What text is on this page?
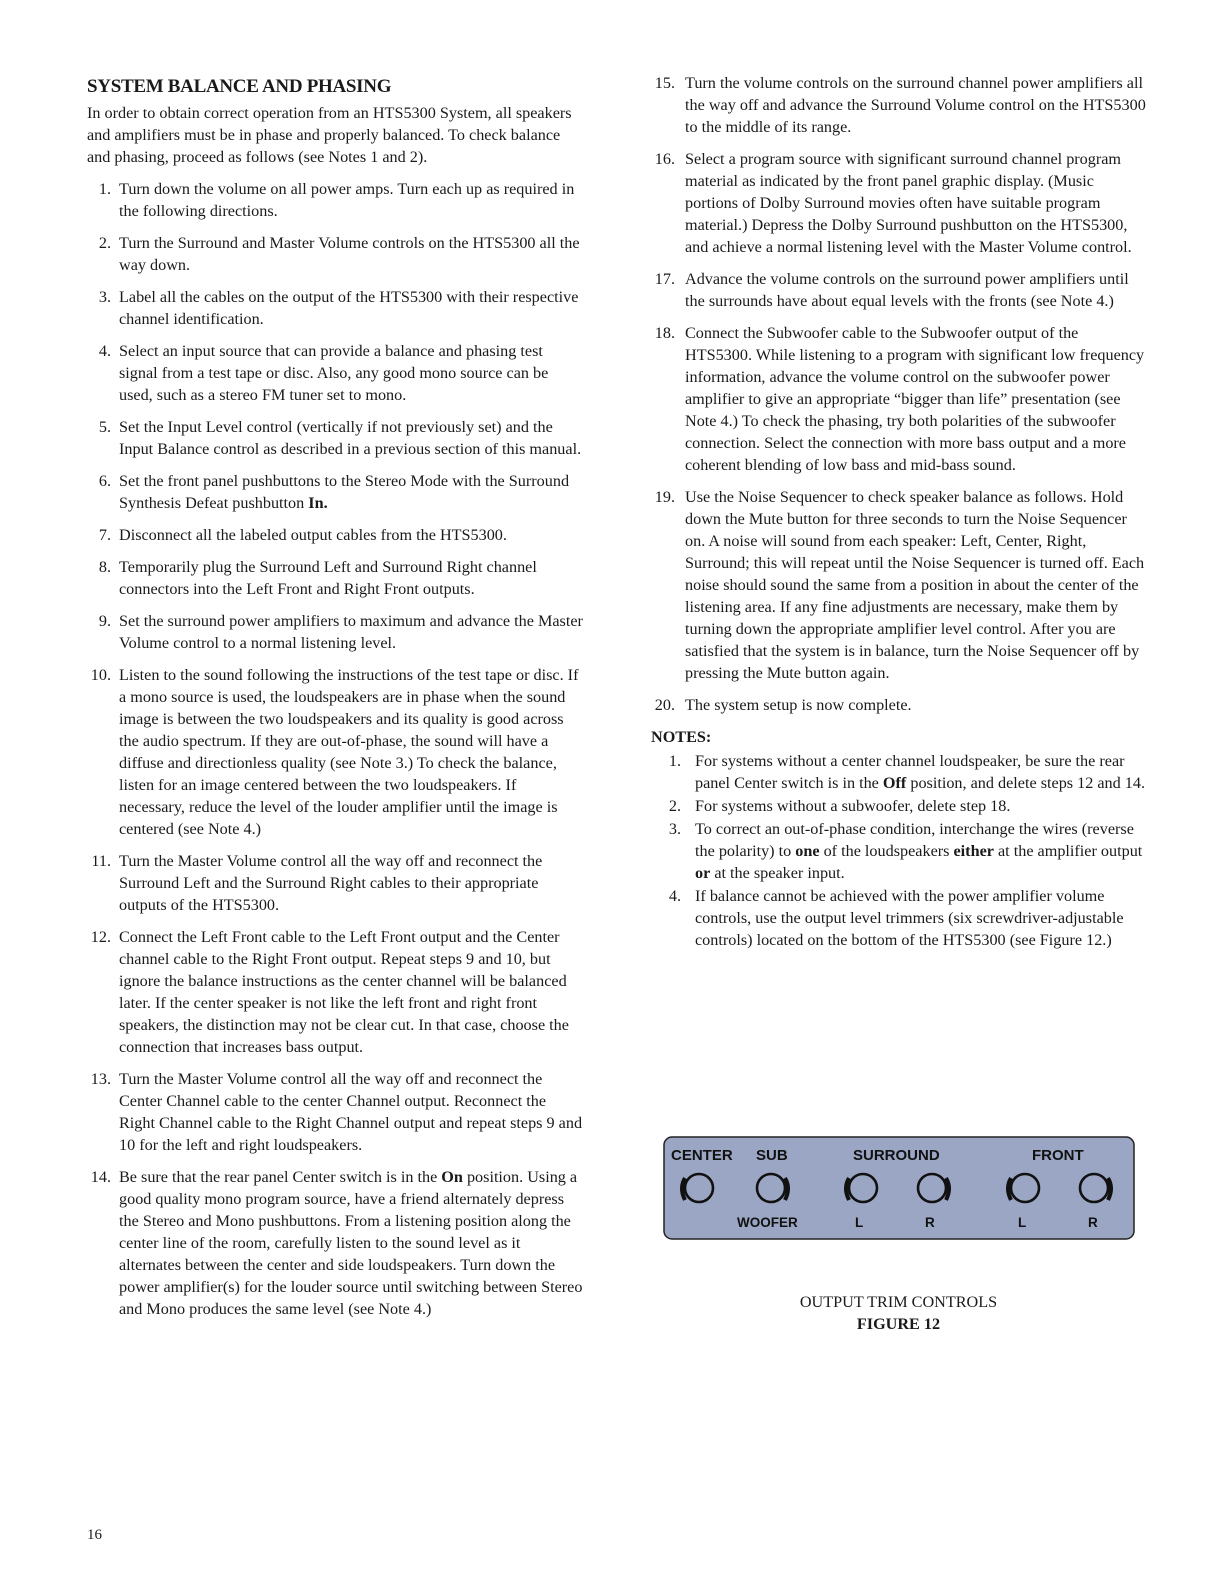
SYSTEM BALANCE AND PHASING

In order to obtain correct operation from an HTS5300 System, all speakers and amplifiers must be in phase and properly balanced. To check balance and phasing, proceed as follows (see Notes 1 and 2).

1. Turn down the volume on all power amps. Turn each up as required in the following directions.
2. Turn the Surround and Master Volume controls on the HTS5300 all the way down.
3. Label all the cables on the output of the HTS5300 with their respective channel identification.
4. Select an input source that can provide a balance and phasing test signal from a test tape or disc. Also, any good mono source can be used, such as a stereo FM tuner set to mono.
5. Set the Input Level control (vertically if not previously set) and the Input Balance control as described in a previous section of this manual.
6. Set the front panel pushbuttons to the Stereo Mode with the Surround Synthesis Defeat pushbutton In.
7. Disconnect all the labeled output cables from the HTS5300.
8. Temporarily plug the Surround Left and Surround Right channel connectors into the Left Front and Right Front outputs.
9. Set the surround power amplifiers to maximum and advance the Master Volume control to a normal listening level.
10. Listen to the sound following the instructions of the test tape or disc. If a mono source is used, the loudspeakers are in phase when the sound image is between the two loudspeakers and its quality is good across the audio spectrum. If they are out-of-phase, the sound will have a diffuse and directionless quality (see Note 3.) To check the balance, listen for an image centered between the two loudspeakers. If necessary, reduce the level of the louder amplifier until the image is centered (see Note 4.)
11. Turn the Master Volume control all the way off and reconnect the Surround Left and the Surround Right cables to their appropriate outputs of the HTS5300.
12. Connect the Left Front cable to the Left Front output and the Center channel cable to the Right Front output. Repeat steps 9 and 10, but ignore the balance instructions as the center channel will be balanced later. If the center speaker is not like the left front and right front speakers, the distinction may not be clear cut. In that case, choose the connection that increases bass output.
13. Turn the Master Volume control all the way off and reconnect the Center Channel cable to the center Channel output. Reconnect the Right Channel cable to the Right Channel output and repeat steps 9 and 10 for the left and right loudspeakers.
14. Be sure that the rear panel Center switch is in the On position. Using a good quality mono program source, have a friend alternately depress the Stereo and Mono pushbuttons. From a listening position along the center line of the room, carefully listen to the sound level as it alternates between the center and side loudspeakers. Turn down the power amplifier(s) for the louder source until switching between Stereo and Mono produces the same level (see Note 4.)
15. Turn the volume controls on the surround channel power amplifiers all the way off and advance the Surround Volume control on the HTS5300 to the middle of its range.
16. Select a program source with significant surround channel program material as indicated by the front panel graphic display. (Music portions of Dolby Surround movies often have suitable program material.) Depress the Dolby Surround pushbutton on the HTS5300, and achieve a normal listening level with the Master Volume control.
17. Advance the volume controls on the surround power amplifiers until the surrounds have about equal levels with the fronts (see Note 4.)
18. Connect the Subwoofer cable to the Subwoofer output of the HTS5300. While listening to a program with significant low frequency information, advance the volume control on the subwoofer power amplifier to give an appropriate “bigger than life” presentation (see Note 4.) To check the phasing, try both polarities of the subwoofer connection. Select the connection with more bass output and a more coherent blending of low bass and mid-bass sound.
19. Use the Noise Sequencer to check speaker balance as follows. Hold down the Mute button for three seconds to turn the Noise Sequencer on. A noise will sound from each speaker: Left, Center, Right, Surround; this will repeat until the Noise Sequencer is turned off. Each noise should sound the same from a position in about the center of the listening area. If any fine adjustments are necessary, make them by turning down the appropriate amplifier level control. After you are satisfied that the system is in balance, turn the Noise Sequencer off by pressing the Mute button again.
20. The system setup is now complete.
NOTES:
1. For systems without a center channel loudspeaker, be sure the rear panel Center switch is in the Off position, and delete steps 12 and 14.
2. For systems without a subwoofer, delete step 18.
3. To correct an out-of-phase condition, interchange the wires (reverse the polarity) to one of the loudspeakers either at the amplifier output or at the speaker input.
4. If balance cannot be achieved with the power amplifier volume controls, use the output level trimmers (six screwdriver-adjustable controls) located on the bottom of the HTS5300 (see Figure 12.)
CENTER SUB	SURROUND	FRONT
WOOFER	L	R	L	R
OUTPUT TRIM CONTROLS
FIGURE 12
16
